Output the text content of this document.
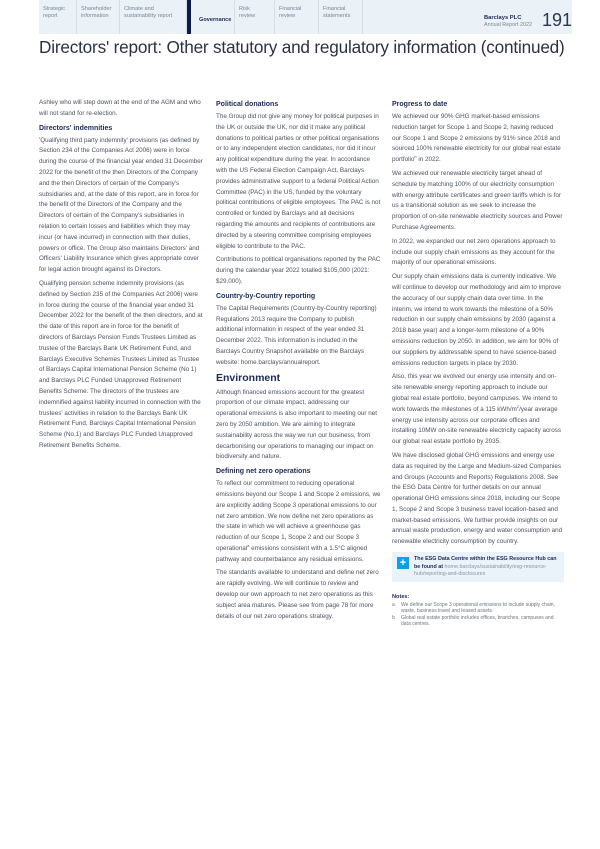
Strategic
report
Shareholder
information
Climate and
sustainability report
Governance
Risk
review
Financial
review
Financial
statements	Barclays PLC
Annual Report 2022 191
Directors' report: Other statutory and regulatory information (continued)

Ashley who will step down at the end of the AGM and who will not stand for re-election.

Directors' indemnities

'Qualifying third party indemnity' provisions (as defined by Section 234 of the Companies Act 2006) were in force during the course of the financial year ended 31 December 2022 for the benefit of the then Directors of the Company and the then Directors of certain of the Company's subsidiaries and, at the date of this report, are in force for the benefit of the Directors of the Company and the Directors of certain of the Company's subsidiaries in relation to certain losses and liabilities which they may incur (or have incurred) in connection with their duties, powers or office. The Group also maintains Directors' and Officers' Liability Insurance which gives appropriate cover for legal action brought against its Directors.

Qualifying pension scheme indemnity provisions (as defined by Section 235 of the Companies Act 2006) were in force during the course of the financial year ended 31 December 2022 for the benefit of the then directors, and at the date of this report are in force for the benefit of directors of Barclays Pension Funds Trustees Limited as trustee of the Barclays Bank UK Retirement Fund, and Barclays Executive Schemes Trustees Limited as Trustee of Barclays Capital International Pension Scheme (No 1) and Barclays PLC Funded Unapproved Retirement Benefits Scheme. The directors of the trustees are indemnified against liability incurred in connection with the trustees' activities in relation to the Barclays Bank UK Retirement Fund, Barclays Capital International Pension Scheme (No.1) and Barclays PLC Funded Unapproved Retirement Benefits Scheme.

Political donations

The Group did not give any money for political purposes in the UK or outside the UK, nor did it make any political donations to political parties or other political organisations or to any independent election candidates, nor did it incur any political expenditure during the year. In accordance with the US Federal Election Campaign Act, Barclays provides administrative support to a federal Political Action Committee (PAC) in the US, funded by the voluntary political contributions of eligible employees. The PAC is not controlled or funded by Barclays and all decisions regarding the amounts and recipients of contributions are directed by a steering committee comprising employees eligible to contribute to the PAC.

Contributions to political organisations reported by the PAC during the calendar year 2022 totalled $105,000 (2021: $29,000).

Country-by-Country reporting

The Capital Requirements (Country-by-Country reporting) Regulations 2013 require the Company to publish additional information in respect of the year ended 31 December 2022. This information is included in the Barclays Country Snapshot available on the Barclays website: home.barclays/annualreport.

Environment

Although financed emissions account for the greatest proportion of our climate impact, addressing our operational emissions is also important to meeting our net zero by 2050 ambition. We are aiming to integrate sustainability across the way we run our business, from decarbonising our operations to managing our impact on biodiversity and nature.

Defining net zero operations

To reflect our commitment to reducing operational emissions beyond our Scope 1 and Scope 2 emissions, we are explicitly adding Scope 3 operational emissions to our net zero ambition. We now define net zero operations as the state in which we will achieve a greenhouse gas reduction of our Scope 1, Scope 2 and our Scope 3 operational$^a$ emissions consistent with a 1.5°C aligned pathway and counterbalance any residual emissions.

The standards available to understand and define net zero are rapidly evolving. We will continue to review and develop our own approach to net zero operations as this subject area matures. Please see from page 78 for more details of our net zero operations strategy.

Progress to date

We achieved our 90% GHG market-based emissions reduction target for Scope 1 and Scope 2, having reduced our Scope 1 and Scope 2 emissions by 91% since 2018 and sourced 100% renewable electricity for our global real estate portfolio$^b$ in 2022.

We achieved our renewable electricity target ahead of schedule by matching 100% of our electricity consumption with energy attribute certificates and green tariffs which is for us a transitional solution as we seek to increase the proportion of on-site renewable electricity sources and Power Purchase Agreements.

In 2022, we expanded our net zero operations approach to include our supply chain emissions as they account for the majority of our operational emissions.

Our supply chain emissions data is currently indicative. We will continue to develop our methodology and aim to improve the accuracy of our supply chain data over time. In the interim, we intend to work towards the milestone of a 50% reduction in our supply chain emissions by 2030 (against a 2018 base year) and a longer-term milestone of a 90% emissions reduction by 2050. In addition, we aim for 90% of our suppliers by addressable spend to have science-based emissions reduction targets in place by 2030.

Also, this year we evolved our energy use intensity and on-site renewable energy reporting approach to include our global real estate portfolio, beyond campuses. We intend to work towards the milestones of a 115 kWh/$m^2$/year average energy use intensity across our corporate offices and installing 10MW on-site renewable electricity capacity across our global real estate portfolio by 2035.

We have disclosed global GHG emissions and energy use data as required by the Large and Medium-sized Companies and Groups (Accounts and Reports) Regulations 2008. See the ESG Data Centre for further details on our annual operational GHG emissions since 2018, including our Scope 1, Scope 2 and Scope 3 business travel location-based and market-based emissions. We further provide insights on our annual waste production, energy and water consumption and renewable electricity consumption by country.

+	The ESG Data Centre within the ESG Resource Hub can be found at home.barclays/sustainability/esg-resource-hub/reporting-and-disclosures
Notes:
a	We define our Scope 3 operational emissions to include supply chain, waste, business travel and leased assets.
b	Global real estate portfolio includes offices, branches, campuses and data centres.
